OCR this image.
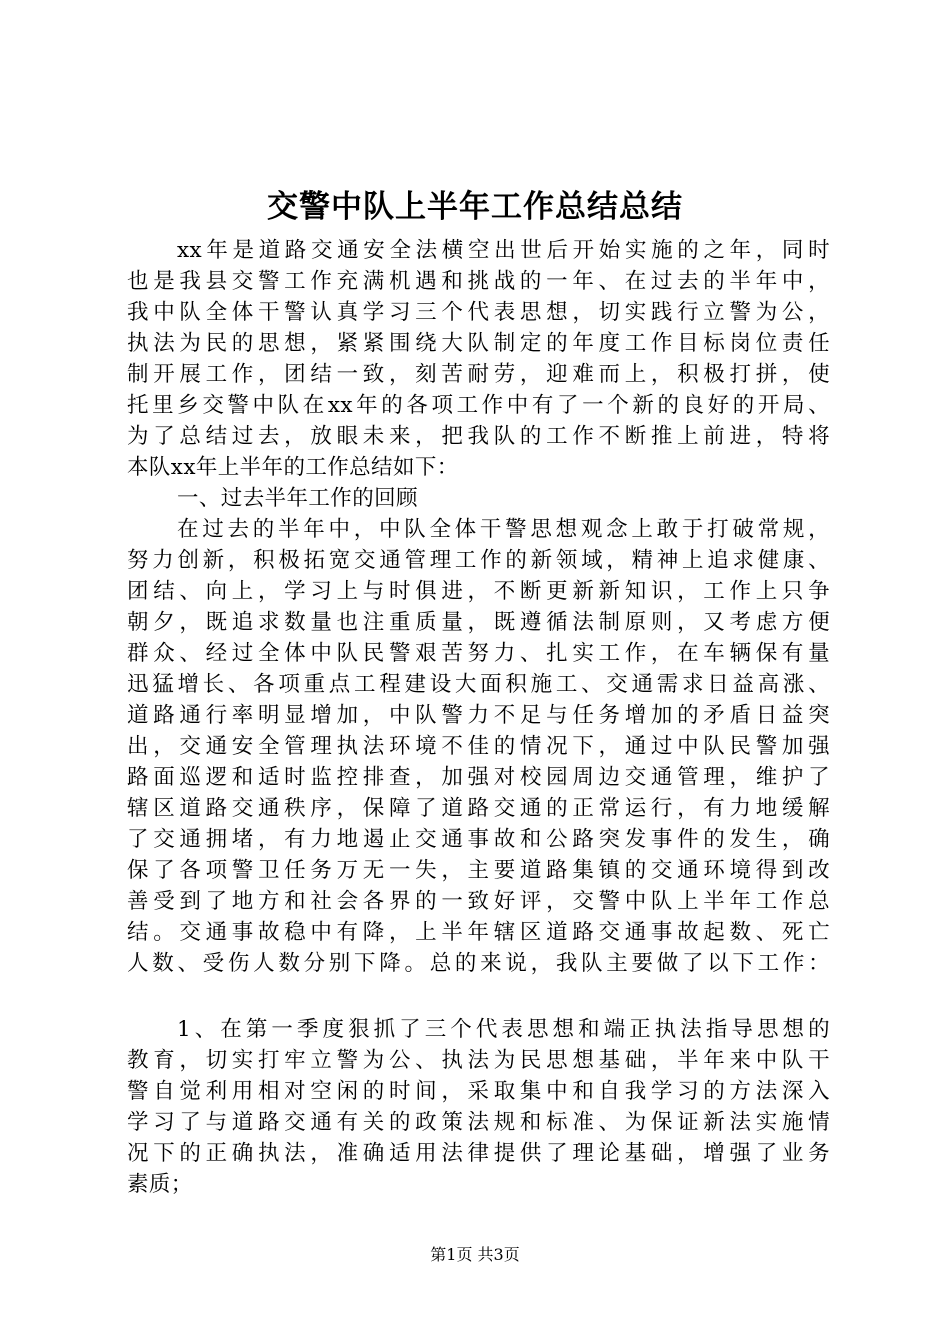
交警中队上半年工作总结总结
xx年是道路交通安全法横空出世后开始实施的之年，同时
也是我县交警工作充满机遇和挑战的一年、在过去的半年中，
我中队全体干警认真学习三个代表思想，切实践行立警为公，
执法为民的思想，紧紧围绕大队制定的年度工作目标岗位责任
制开展工作，团结一致，刻苦耐劳，迎难而上，积极打拼，使
托里乡交警中队在xx年的各项工作中有了一个新的良好的开局、
为了总结过去，放眼未来，把我队的工作不断推上前进，特将
本队xx年上半年的工作总结如下：
一、过去半年工作的回顾
在过去的半年中，中队全体干警思想观念上敢于打破常规，
努力创新，积极拓宽交通管理工作的新领域，精神上追求健康、
团结、向上，学习上与时俱进，不断更新新知识，工作上只争
朝夕，既追求数量也注重质量，既遵循法制原则，又考虑方便
群众、经过全体中队民警艰苦努力、扎实工作，在车辆保有量
迅猛增长、各项重点工程建设大面积施工、交通需求日益高涨、
道路通行率明显增加，中队警力不足与任务增加的矛盾日益突
出，交通安全管理执法环境不佳的情况下，通过中队民警加强
路面巡逻和适时监控排查，加强对校园周边交通管理，维护了
辖区道路交通秩序，保障了道路交通的正常运行，有力地缓解
了交通拥堵，有力地遏止交通事故和公路突发事件的发生，确
保了各项警卫任务万无一失，主要道路集镇的交通环境得到改
善受到了地方和社会各界的一致好评，交警中队上半年工作总
结。交通事故稳中有降，上半年辖区道路交通事故起数、死亡
人数、受伤人数分别下降。总的来说，我队主要做了以下工作：
1、在第一季度狠抓了三个代表思想和端正执法指导思想的
教育，切实打牢立警为公、执法为民思想基础，半年来中队干
警自觉利用相对空闲的时间，采取集中和自我学习的方法深入
学习了与道路交通有关的政策法规和标准、为保证新法实施情
况下的正确执法，准确适用法律提供了理论基础，增强了业务
素质；
第1页 共3页
